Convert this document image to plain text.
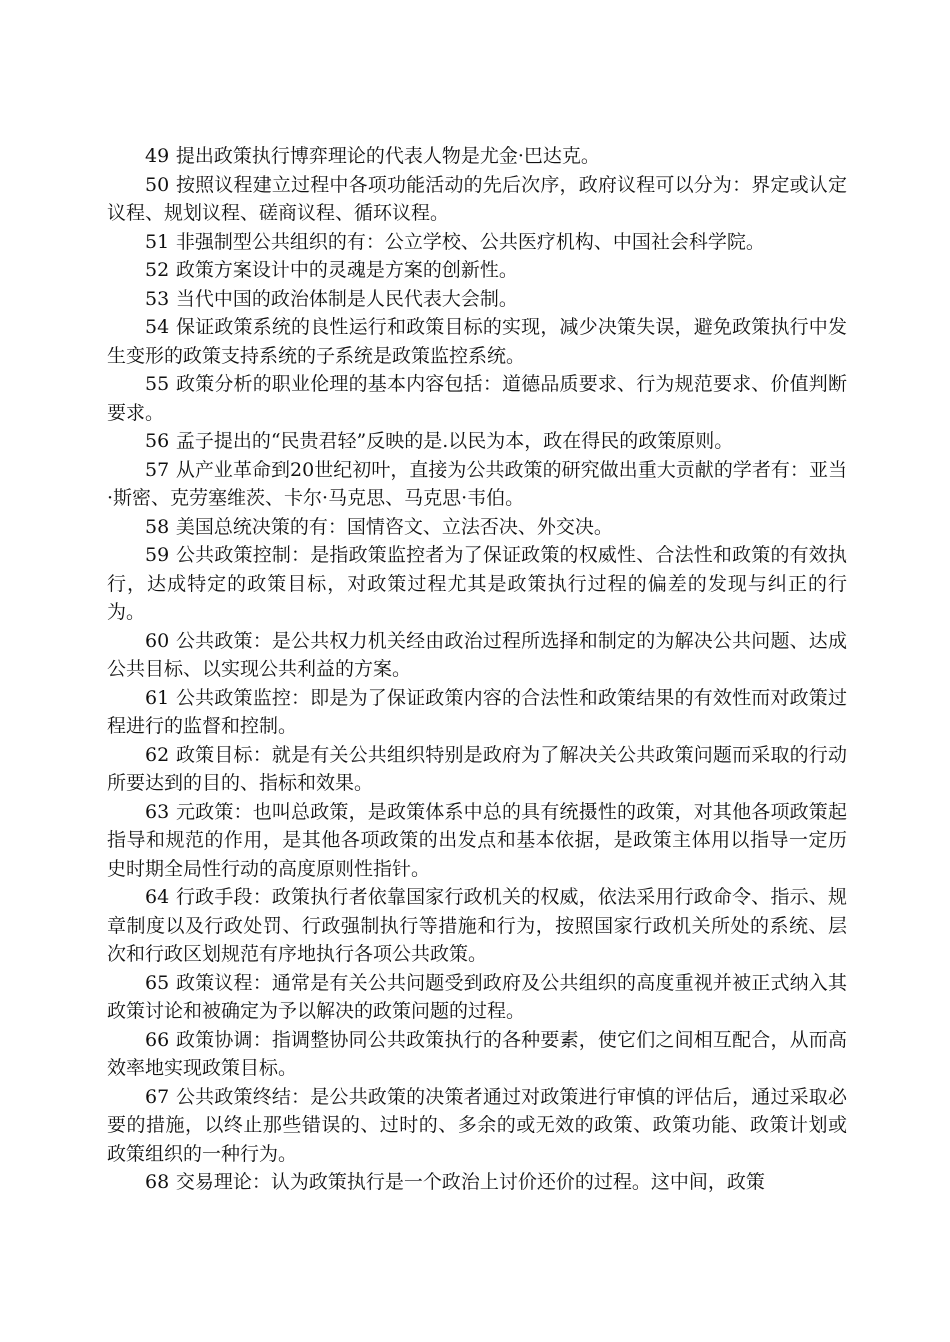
49 提出政策执行博弈理论的代表人物是尤金·巴达克。

50 按照议程建立过程中各项功能活动的先后次序，政府议程可以分为：界定或认定议程、规划议程、磋商议程、循环议程。

51 非强制型公共组织的有：公立学校、公共医疗机构、中国社会科学院。

52 政策方案设计中的灵魂是方案的创新性。

53 当代中国的政治体制是人民代表大会制。

54 保证政策系统的良性运行和政策目标的实现，减少决策失误，避免政策执行中发生变形的政策支持系统的子系统是政策监控系统。

55 政策分析的职业伦理的基本内容包括：道德品质要求、行为规范要求、价值判断要求。

56 孟子提出的“民贵君轻”反映的是.以民为本，政在得民的政策原则。

57 从产业革命到20世纪初叶，直接为公共政策的研究做出重大贡献的学者有：亚当·斯密、克劳塞维茨、卡尔·马克思、马克思·韦伯。

58 美国总统决策的有：国情咨文、立法否决、外交决。

59 公共政策控制：是指政策监控者为了保证政策的权威性、合法性和政策的有效执行，达成特定的政策目标，对政策过程尤其是政策执行过程的偏差的发现与纠正的行为。

60 公共政策：是公共权力机关经由政治过程所选择和制定的为解决公共问题、达成公共目标、以实现公共利益的方案。

61 公共政策监控：即是为了保证政策内容的合法性和政策结果的有效性而对政策过程进行的监督和控制。

62 政策目标：就是有关公共组织特别是政府为了解决关公共政策问题而采取的行动所要达到的目的、指标和效果。

63 元政策：也叫总政策，是政策体系中总的具有统摄性的政策，对其他各项政策起指导和规范的作用，是其他各项政策的出发点和基本依据，是政策主体用以指导一定历史时期全局性行动的高度原则性指针。

64 行政手段：政策执行者依靠国家行政机关的权威，依法采用行政命令、指示、规章制度以及行政处罚、行政强制执行等措施和行为，按照国家行政机关所处的系统、层次和行政区划规范有序地执行各项公共政策。

65 政策议程：通常是有关公共问题受到政府及公共组织的高度重视并被正式纳入其政策讨论和被确定为予以解决的政策问题的过程。

66 政策协调：指调整协同公共政策执行的各种要素，使它们之间相互配合，从而高效率地实现政策目标。

67 公共政策终结：是公共政策的决策者通过对政策进行审慎的评估后，通过采取必要的措施，以终止那些错误的、过时的、多余的或无效的政策、政策功能、政策计划或政策组织的一种行为。

68 交易理论：认为政策执行是一个政治上讨价还价的过程。这中间，政策
